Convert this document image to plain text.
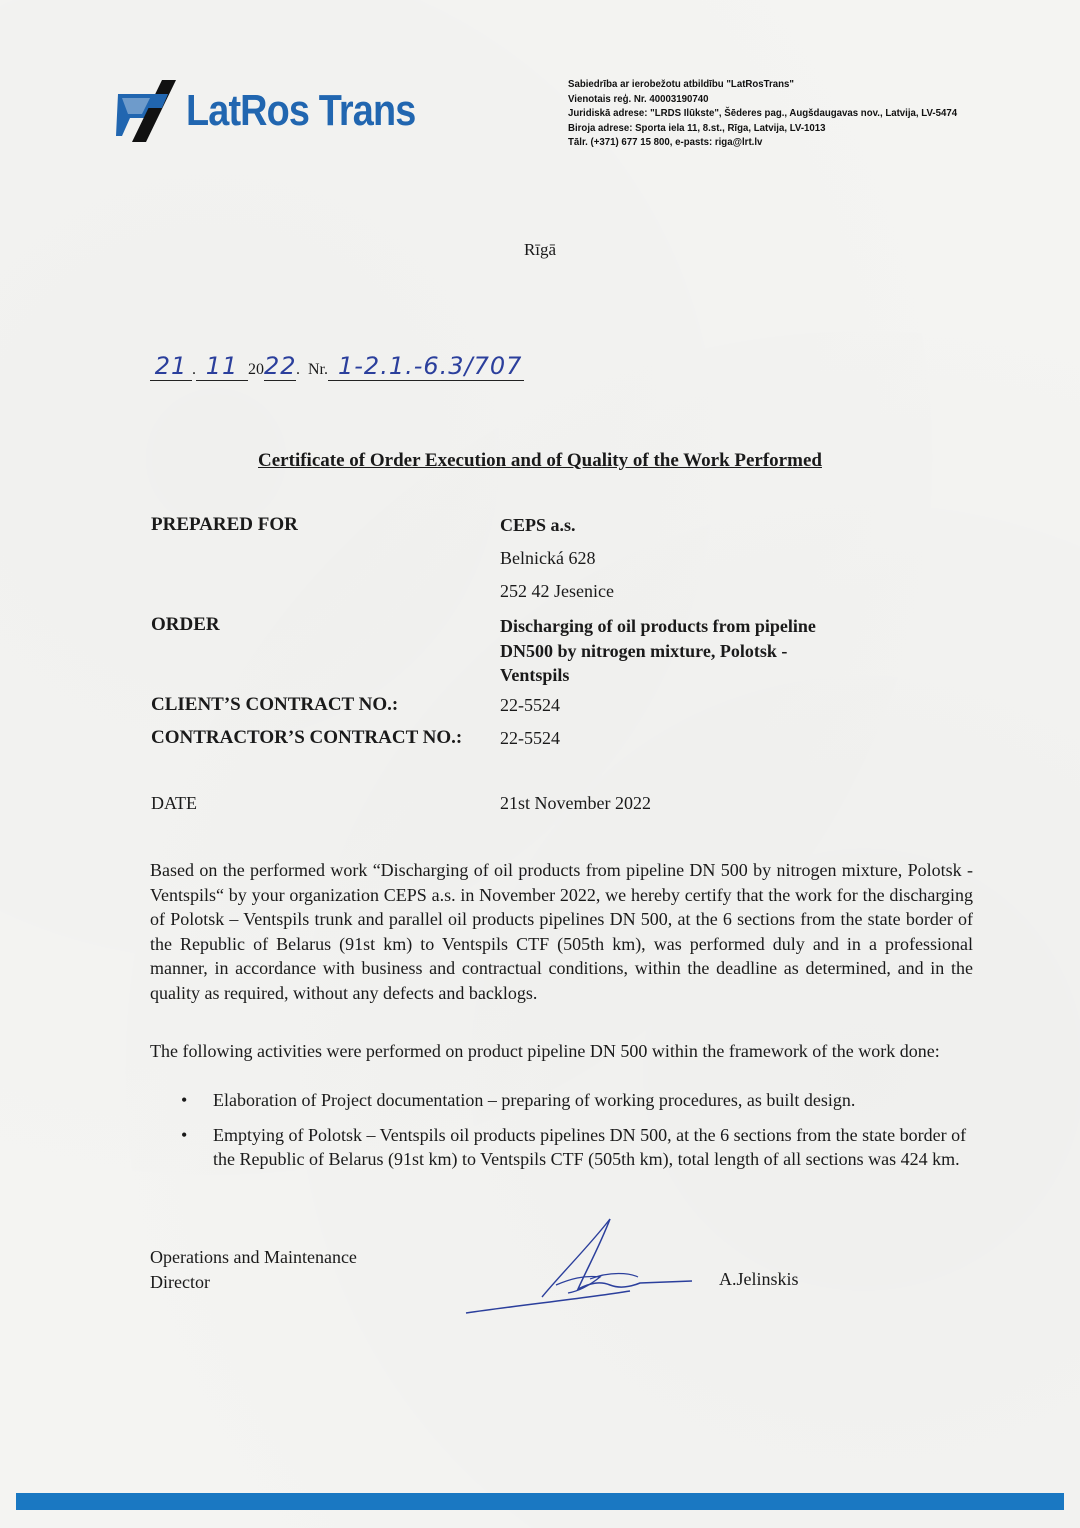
LatRos Trans
Sabiedrība ar ierobežotu atbildību "LatRosTrans"
Vienotais reģ. Nr. 40003190740
Juridiskā adrese: "LRDS Ilūkste", Šēderes pag., Augšdaugavas nov., Latvija, LV-5474
Biroja adrese: Sporta iela 11, 8.st., Rīga, Latvija, LV-1013
Tālr. (+371) 677 15 800, e-pasts: riga@lrt.lv
Rīgā
21 . 11 2022.  Nr. 1-2.1.-6.3/707
Certificate of Order Execution and of Quality of the Work Performed
PREPARED FOR	CEPS a.s.
Belnická 628
252 42 Jesenice
ORDER	Discharging of oil products from pipeline
DN500 by nitrogen mixture, Polotsk -
Ventspils
CLIENT’S CONTRACT NO.:	22-5524
CONTRACTOR’S CONTRACT NO.: 22-5524
DATE	21st November 2022
Based on the performed work “Discharging of oil products from pipeline DN 500 by nitrogen mixture, Polotsk - Ventspils“ by your organization CEPS a.s. in November 2022, we hereby certify that the work for the discharging of Polotsk – Ventspils trunk and parallel oil products pipelines DN 500, at the 6 sections from the state border of the Republic of Belarus (91st km) to Ventspils CTF (505th km), was performed duly and in a professional manner, in accordance with business and contractual conditions, within the deadline as determined, and in the quality as required, without any defects and backlogs.
The following activities were performed on product pipeline DN 500 within the framework of the work done:
• Elaboration of Project documentation – preparing of working procedures, as built design.
• Emptying of Polotsk – Ventspils oil products pipelines DN 500, at the 6 sections from the state border of the Republic of Belarus (91st km) to Ventspils CTF (505th km), total length of all sections was 424 km.
Operations and Maintenance
Director	A.Jelinskis
